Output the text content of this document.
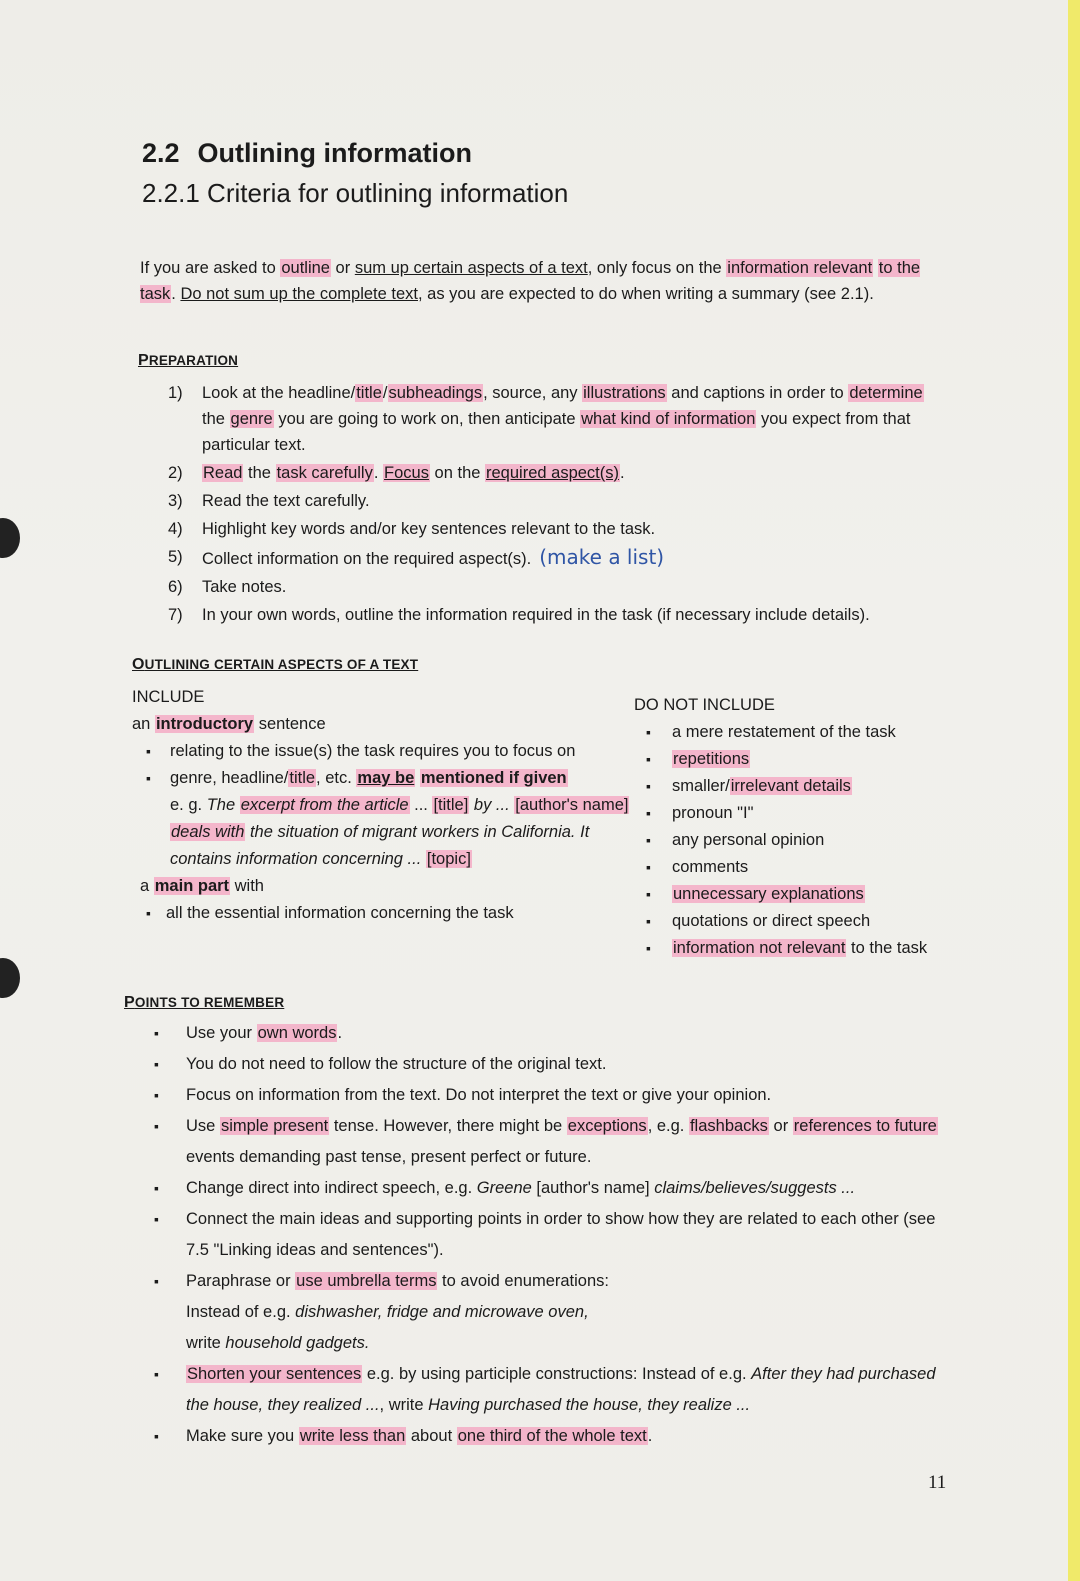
2.2 Outlining information
2.2.1 Criteria for outlining information

If you are asked to outline or sum up certain aspects of a text, only focus on the information relevant to the task. Do not sum up the complete text, as you are expected to do when writing a summary (see 2.1).

PREPARATION
1) Look at the headline/title/subheadings, source, any illustrations and captions in order to determine the genre you are going to work on, then anticipate what kind of information you expect from that particular text.
2) Read the task carefully. Focus on the required aspect(s).
3) Read the text carefully.
4) Highlight key words and/or key sentences relevant to the task.
5) Collect information on the required aspect(s). (make a list)
6) Take notes.
7) In your own words, outline the information required in the task (if necessary include details).
OUTLINING CERTAIN ASPECTS OF A TEXT
INCLUDE
an introductory sentence
▪ relating to the issue(s) the task requires you to focus on
▪ genre, headline/title, etc. may be mentioned if given
e. g. The excerpt from the article ... [title] by ... [author's name] deals with the situation of migrant workers in California. It contains information concerning ... [topic]
a main part with
▪ all the essential information concerning the task
DO NOT INCLUDE
▪ a mere restatement of the task
▪ repetitions
▪ smaller/irrelevant details
▪ pronoun "I"
▪ any personal opinion
▪ comments
▪ unnecessary explanations
▪ quotations or direct speech
▪ information not relevant to the task
POINTS TO REMEMBER
▪ Use your own words.
▪ You do not need to follow the structure of the original text.
▪ Focus on information from the text. Do not interpret the text or give your opinion.
▪ Use simple present tense. However, there might be exceptions, e.g. flashbacks or references to future events demanding past tense, present perfect or future.
▪ Change direct into indirect speech, e.g. Greene [author's name] claims/believes/suggests ...
▪ Connect the main ideas and supporting points in order to show how they are related to each other (see 7.5 "Linking ideas and sentences").
▪ Paraphrase or use umbrella terms to avoid enumerations:
Instead of e.g. dishwasher, fridge and microwave oven,
write household gadgets.
▪ Shorten your sentences e.g. by using participle constructions: Instead of e.g. After they had purchased the house, they realized ..., write Having purchased the house, they realize ...
▪ Make sure you write less than about one third of the whole text.
11
